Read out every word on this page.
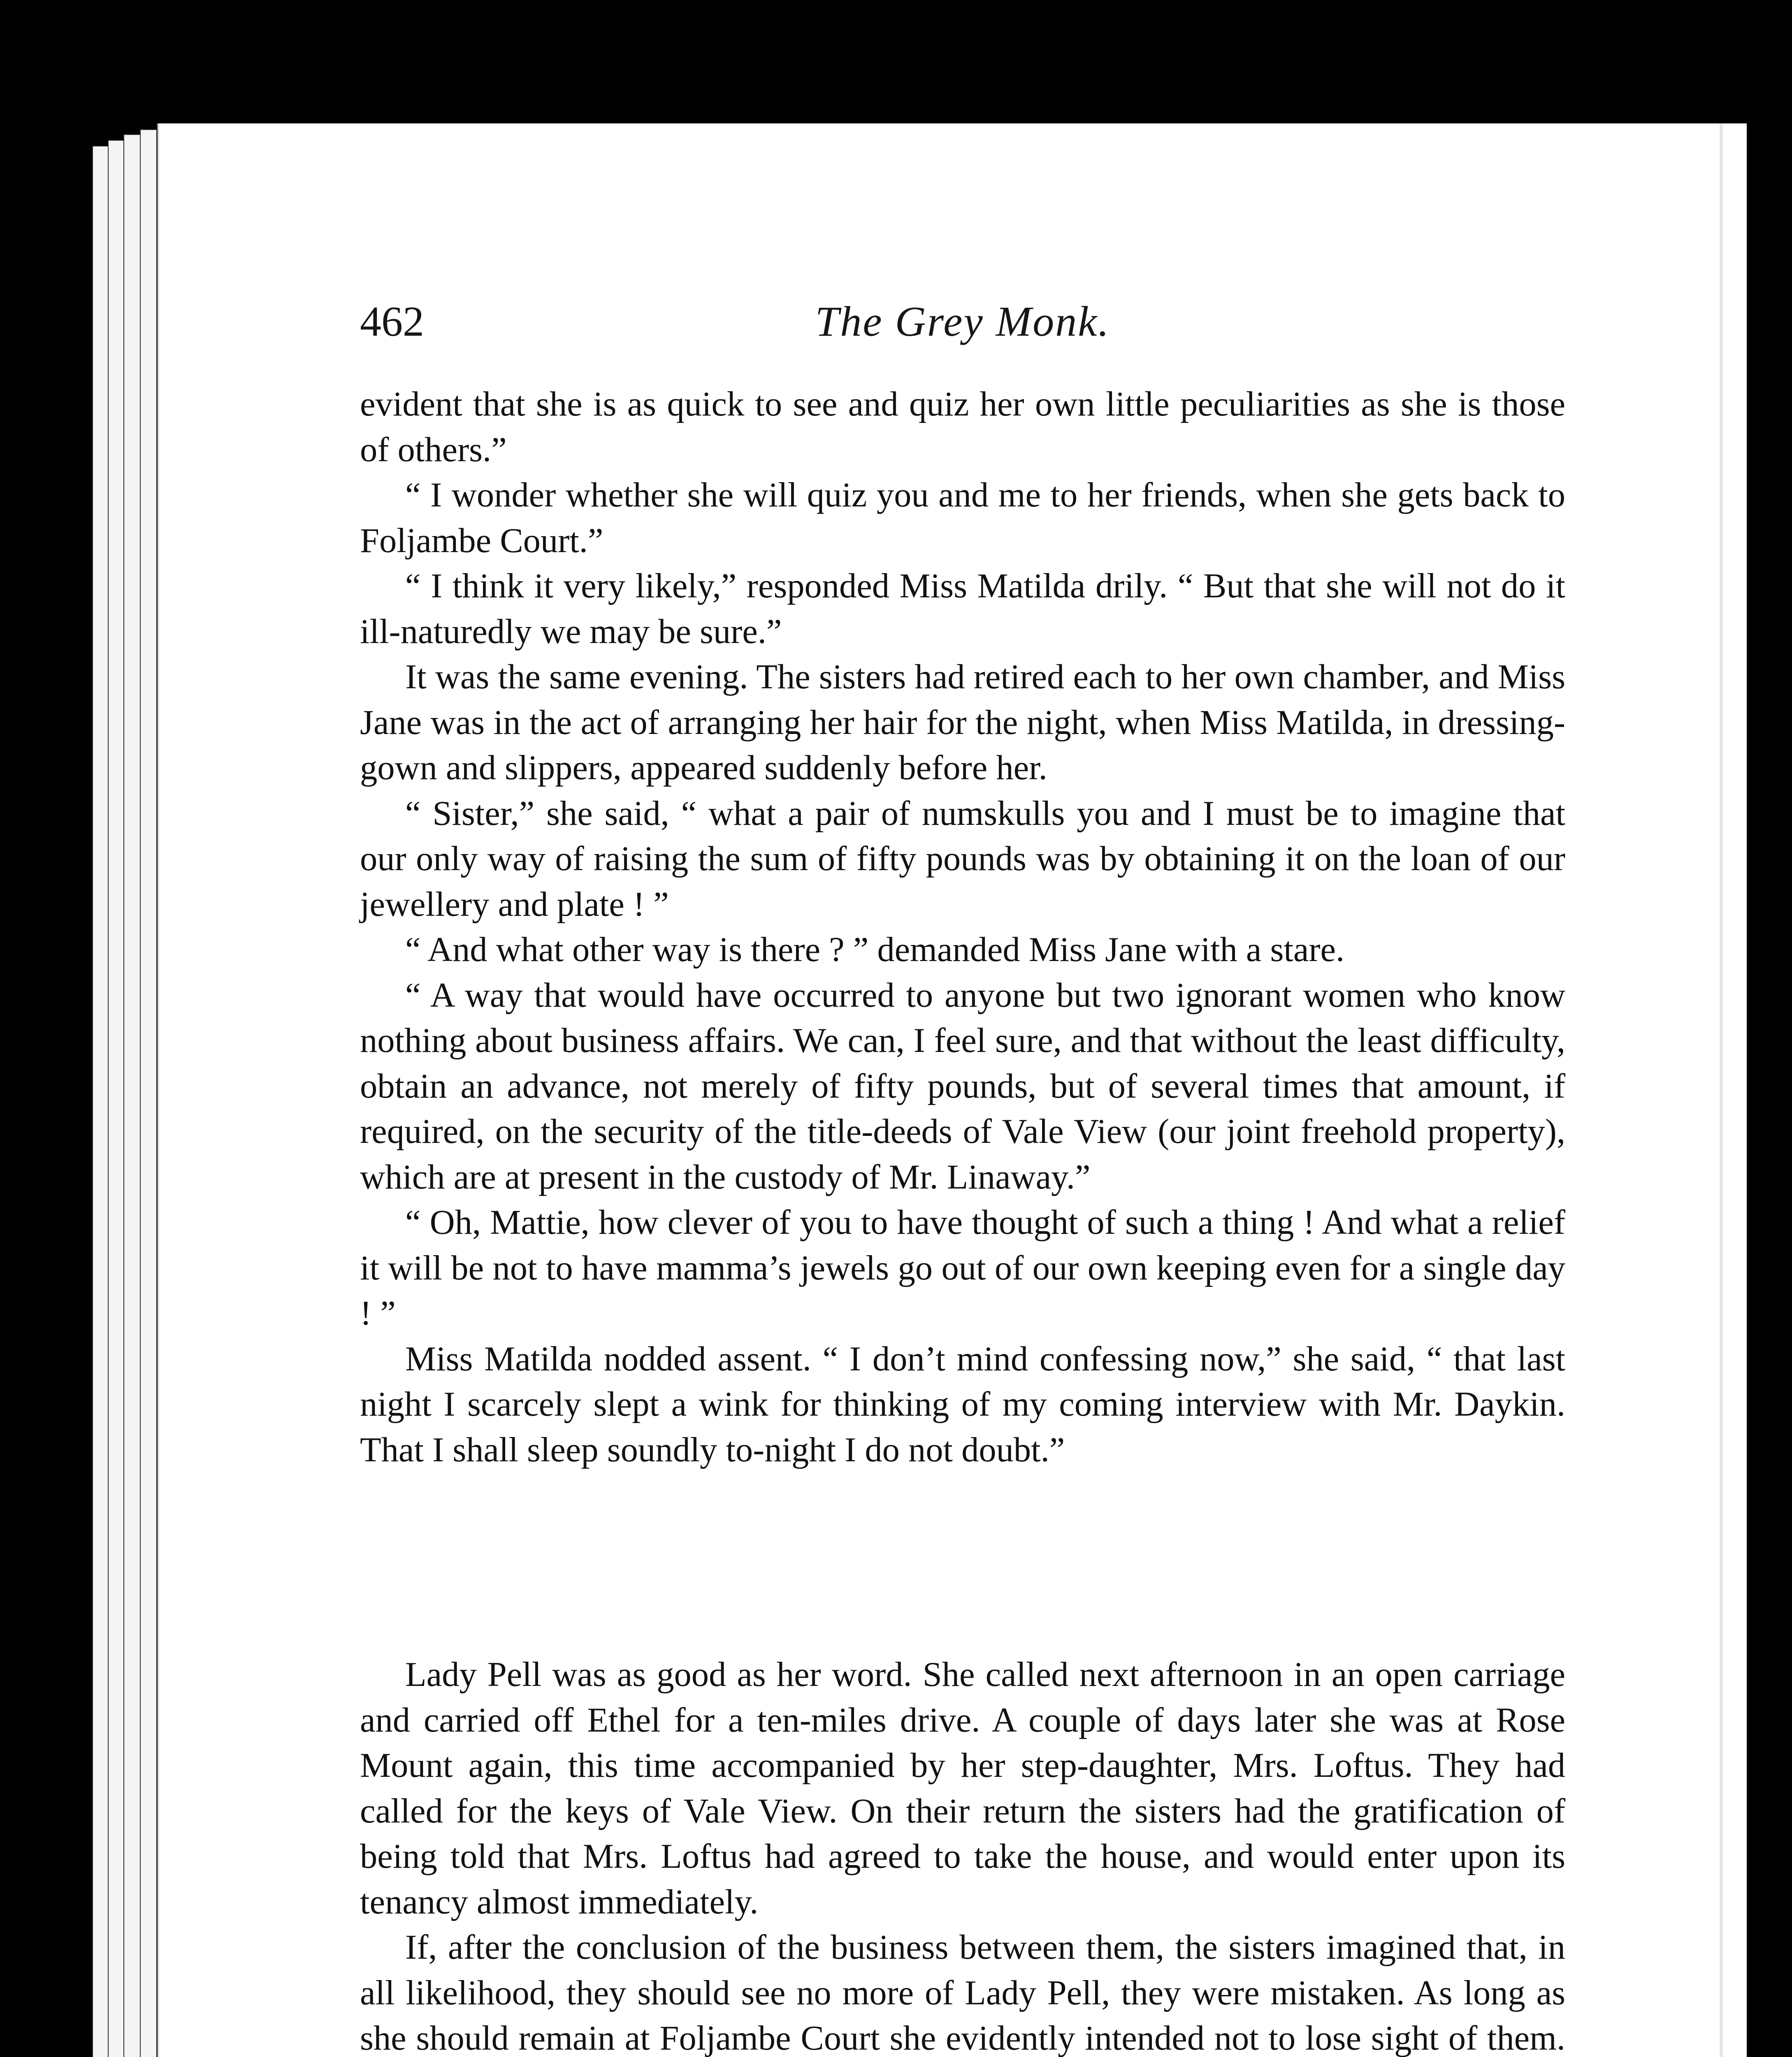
462	The Grey Monk.

evident that she is as quick to see and quiz her own little peculiarities as she is those of others.”

“ I wonder whether she will quiz you and me to her friends, when she gets back to Foljambe Court.”

“ I think it very likely,” responded Miss Matilda drily. “ But that she will not do it ill-naturedly we may be sure.”

It was the same evening. The sisters had retired each to her own chamber, and Miss Jane was in the act of arranging her hair for the night, when Miss Matilda, in dressing-gown and slippers, appeared suddenly before her.

“ Sister,” she said, “ what a pair of numskulls you and I must be to imagine that our only way of raising the sum of fifty pounds was by obtaining it on the loan of our jewellery and plate ! ”

“ And what other way is there ? ” demanded Miss Jane with a stare.

“ A way that would have occurred to anyone but two ignorant women who know nothing about business affairs. We can, I feel sure, and that without the least difficulty, obtain an advance, not merely of fifty pounds, but of several times that amount, if required, on the security of the title-deeds of Vale View (our joint freehold property), which are at present in the custody of Mr. Linaway.”

“ Oh, Mattie, how clever of you to have thought of such a thing ! And what a relief it will be not to have mamma’s jewels go out of our own keeping even for a single day ! ”

Miss Matilda nodded assent. “ I don’t mind confessing now,” she said, “ that last night I scarcely slept a wink for thinking of my coming interview with Mr. Daykin. That I shall sleep soundly to-night I do not doubt.”

Lady Pell was as good as her word. She called next afternoon in an open carriage and carried off Ethel for a ten-miles drive. A couple of days later she was at Rose Mount again, this time accompanied by her step-daughter, Mrs. Loftus. They had called for the keys of Vale View. On their return the sisters had the gratification of being told that Mrs. Loftus had agreed to take the house, and would enter upon its tenancy almost immediately.

If, after the conclusion of the business between them, the sisters imagined that, in all likelihood, they should see no more of Lady Pell, they were mistaken. As long as she should remain at Foljambe Court she evidently intended not to lose sight of them.
